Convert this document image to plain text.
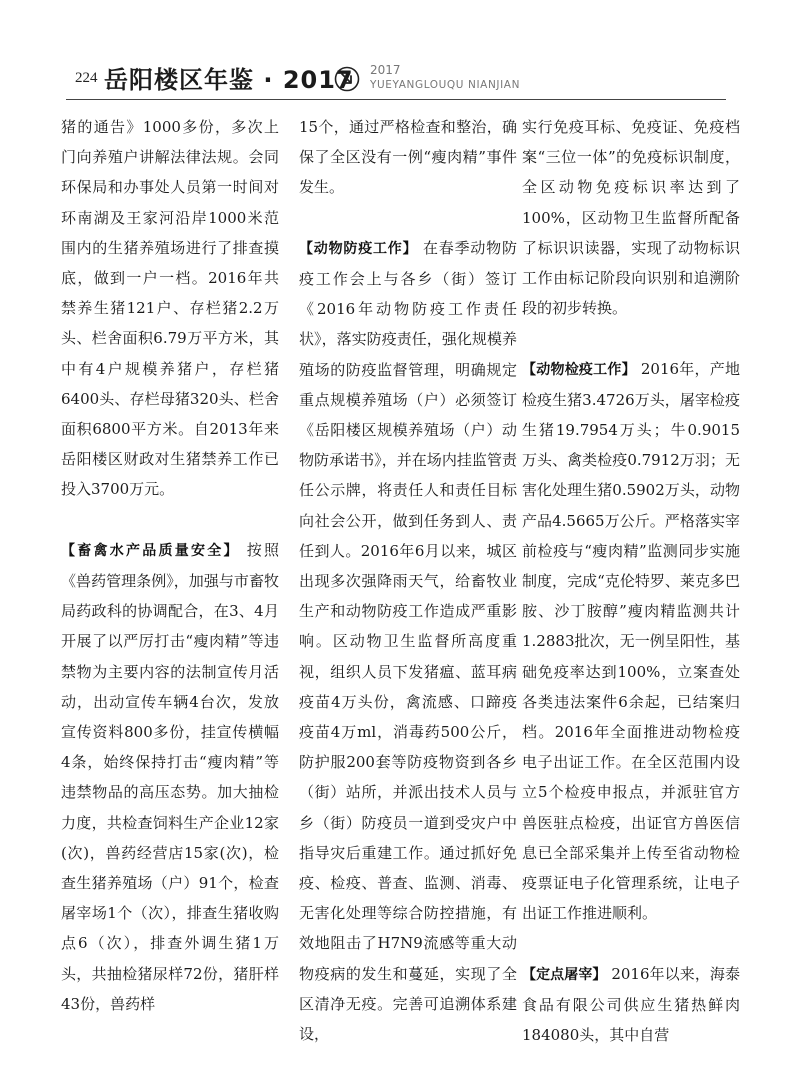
224 岳阳楼区年鉴 · 2017 2017
YUEYANGLOUQU NIANJIAN

猪的通告》1000多份，多次上门向养殖户讲解法律法规。会同环保局和办事处人员第一时间对环南湖及王家河沿岸1000米范围内的生猪养殖场进行了排查摸底，做到一户一档。2016年共禁养生猪121户、存栏猪2.2万头、栏舍面积6.79万平方米，其中有4户规模养猪户，存栏猪6400头、存栏母猪320头、栏舍面积6800平方米。自2013年来岳阳楼区财政对生猪禁养工作已投入3700万元。

【畜禽水产品质量安全】 按照《兽药管理条例》，加强与市畜牧局药政科的协调配合，在3、4月开展了以严厉打击“瘦肉精”等违禁物为主要内容的法制宣传月活动，出动宣传车辆4台次，发放宣传资料800多份，挂宣传横幅4条，始终保持打击“瘦肉精”等违禁物品的高压态势。加大抽检力度，共检查饲料生产企业12家(次)，兽药经营店15家(次)，检查生猪养殖场（户）91个，检查屠宰场1个（次），排查生猪收购点6（次），排查外调生猪1万头，共抽检猪尿样72份，猪肝样43份，兽药样

15个，通过严格检查和整治，确保了全区没有一例“瘦肉精”事件发生。

【动物防疫工作】 在春季动物防疫工作会上与各乡（街）签订《2016年动物防疫工作责任状》，落实防疫责任，强化规模养殖场的防疫监督管理，明确规定重点规模养殖场（户）必须签订《岳阳楼区规模养殖场（户）动物防承诺书》，并在场内挂监管责任公示牌，将责任人和责任目标向社会公开，做到任务到人、责任到人。2016年6月以来，城区出现多次强降雨天气，给畜牧业生产和动物防疫工作造成严重影响。区动物卫生监督所高度重视，组织人员下发猪瘟、蓝耳病疫苗4万头份，禽流感、口蹄疫疫苗4万ml，消毒药500公斤，防护服200套等防疫物资到各乡（街）站所，并派出技术人员与乡（街）防疫员一道到受灾户中指导灾后重建工作。通过抓好免疫、检疫、普查、监测、消毒、无害化处理等综合防控措施，有效地阻击了H7N9流感等重大动物疫病的发生和蔓延，实现了全区清净无疫。完善可追溯体系建设，

实行免疫耳标、免疫证、免疫档案“三位一体”的免疫标识制度，全区动物免疫标识率达到了100%，区动物卫生监督所配备了标识识读器，实现了动物标识工作由标记阶段向识别和追溯阶段的初步转换。

【动物检疫工作】 2016年，产地检疫生猪3.4726万头，屠宰检疫生猪19.7954万头；牛0.9015万头、禽类检疫0.7912万羽；无害化处理生猪0.5902万头，动物产品4.5665万公斤。严格落实宰前检疫与“瘦肉精”监测同步实施制度，完成“克伦特罗、莱克多巴胺、沙丁胺醇”瘦肉精监测共计1.2883批次，无一例呈阳性，基础免疫率达到100%，立案查处各类违法案件6余起，已结案归档。2016年全面推进动物检疫电子出证工作。在全区范围内设立5个检疫申报点，并派驻官方兽医驻点检疫，出证官方兽医信息已全部采集并上传至省动物检疫票证电子化管理系统，让电子出证工作推进顺利。

【定点屠宰】 2016年以来，海泰食品有限公司供应生猪热鲜肉184080头，其中自营
